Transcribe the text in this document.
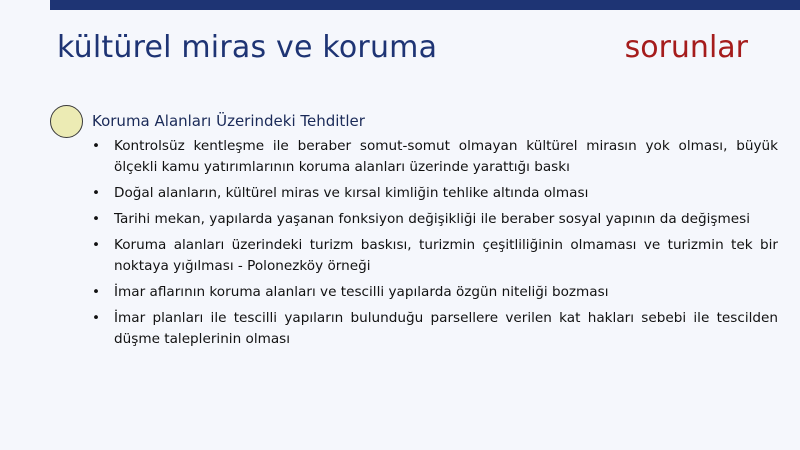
kültürel miras ve koruma	sorunlar
Koruma Alanları Üzerindeki Tehditler
• Kontrolsüz kentleşme ile beraber somut-somut olmayan kültürel mirasın yok olması, büyük ölçekli kamu yatırımlarının koruma alanları üzerinde yarattığı baskı
• Doğal alanların, kültürel miras ve kırsal kimliğin tehlike altında olması
• Tarihi mekan, yapılarda yaşanan fonksiyon değişikliği ile beraber sosyal yapının da değişmesi
• Koruma alanları üzerindeki turizm baskısı, turizmin çeşitliliğinin olmaması ve turizmin tek bir noktaya yığılması - Polonezköy örneği
• İmar aflarının koruma alanları ve tescilli yapılarda özgün niteliği bozması
• İmar planları ile tescilli yapıların bulunduğu parsellere verilen kat hakları sebebi ile tescilden düşme taleplerinin olması
